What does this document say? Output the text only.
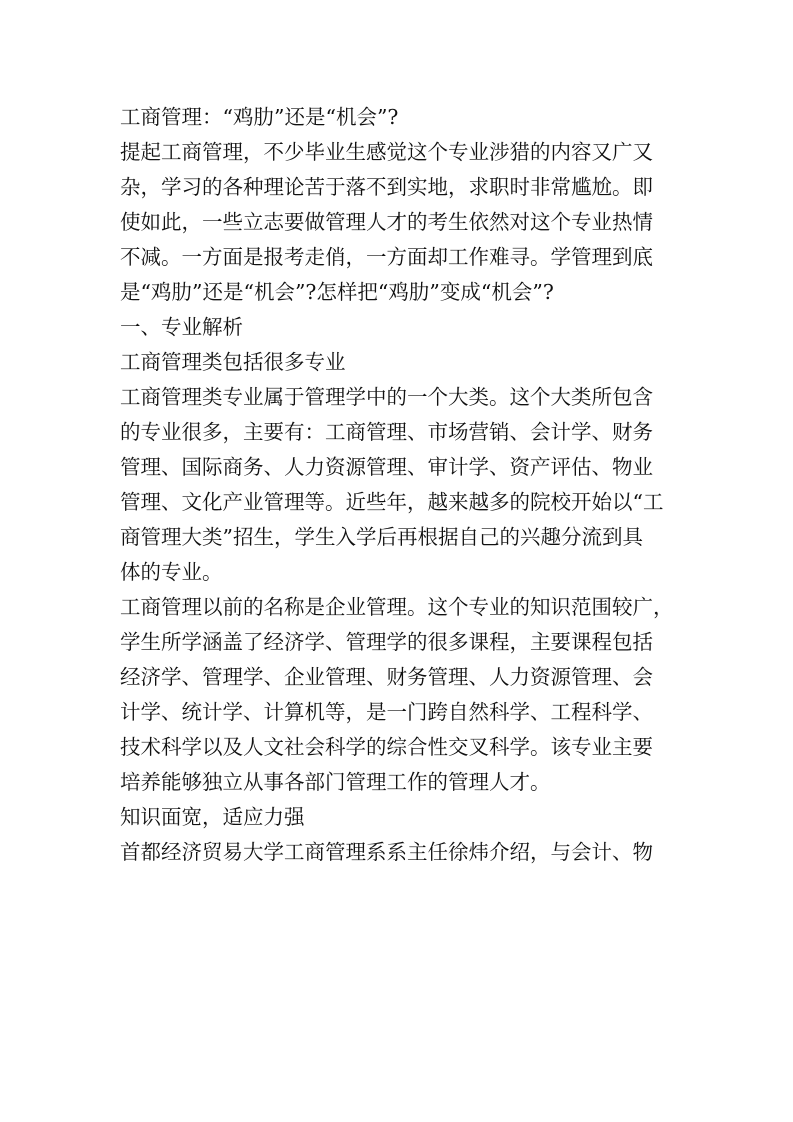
工商管理：“鸡肋”还是“机会”?
提起工商管理，不少毕业生感觉这个专业涉猎的内容又广又
杂，学习的各种理论苦于落不到实地，求职时非常尴尬。即
使如此，一些立志要做管理人才的考生依然对这个专业热情
不减。一方面是报考走俏，一方面却工作难寻。学管理到底
是“鸡肋”还是“机会”?怎样把“鸡肋”变成“机会”?
一、专业解析
工商管理类包括很多专业
工商管理类专业属于管理学中的一个大类。这个大类所包含
的专业很多，主要有：工商管理、市场营销、会计学、财务
管理、国际商务、人力资源管理、审计学、资产评估、物业
管理、文化产业管理等。近些年，越来越多的院校开始以“工
商管理大类”招生，学生入学后再根据自己的兴趣分流到具
体的专业。
工商管理以前的名称是企业管理。这个专业的知识范围较广，
学生所学涵盖了经济学、管理学的很多课程，主要课程包括
经济学、管理学、企业管理、财务管理、人力资源管理、会
计学、统计学、计算机等，是一门跨自然科学、工程科学、
技术科学以及人文社会科学的综合性交叉科学。该专业主要
培养能够独立从事各部门管理工作的管理人才。
知识面宽，适应力强
首都经济贸易大学工商管理系系主任徐炜介绍，与会计、物
